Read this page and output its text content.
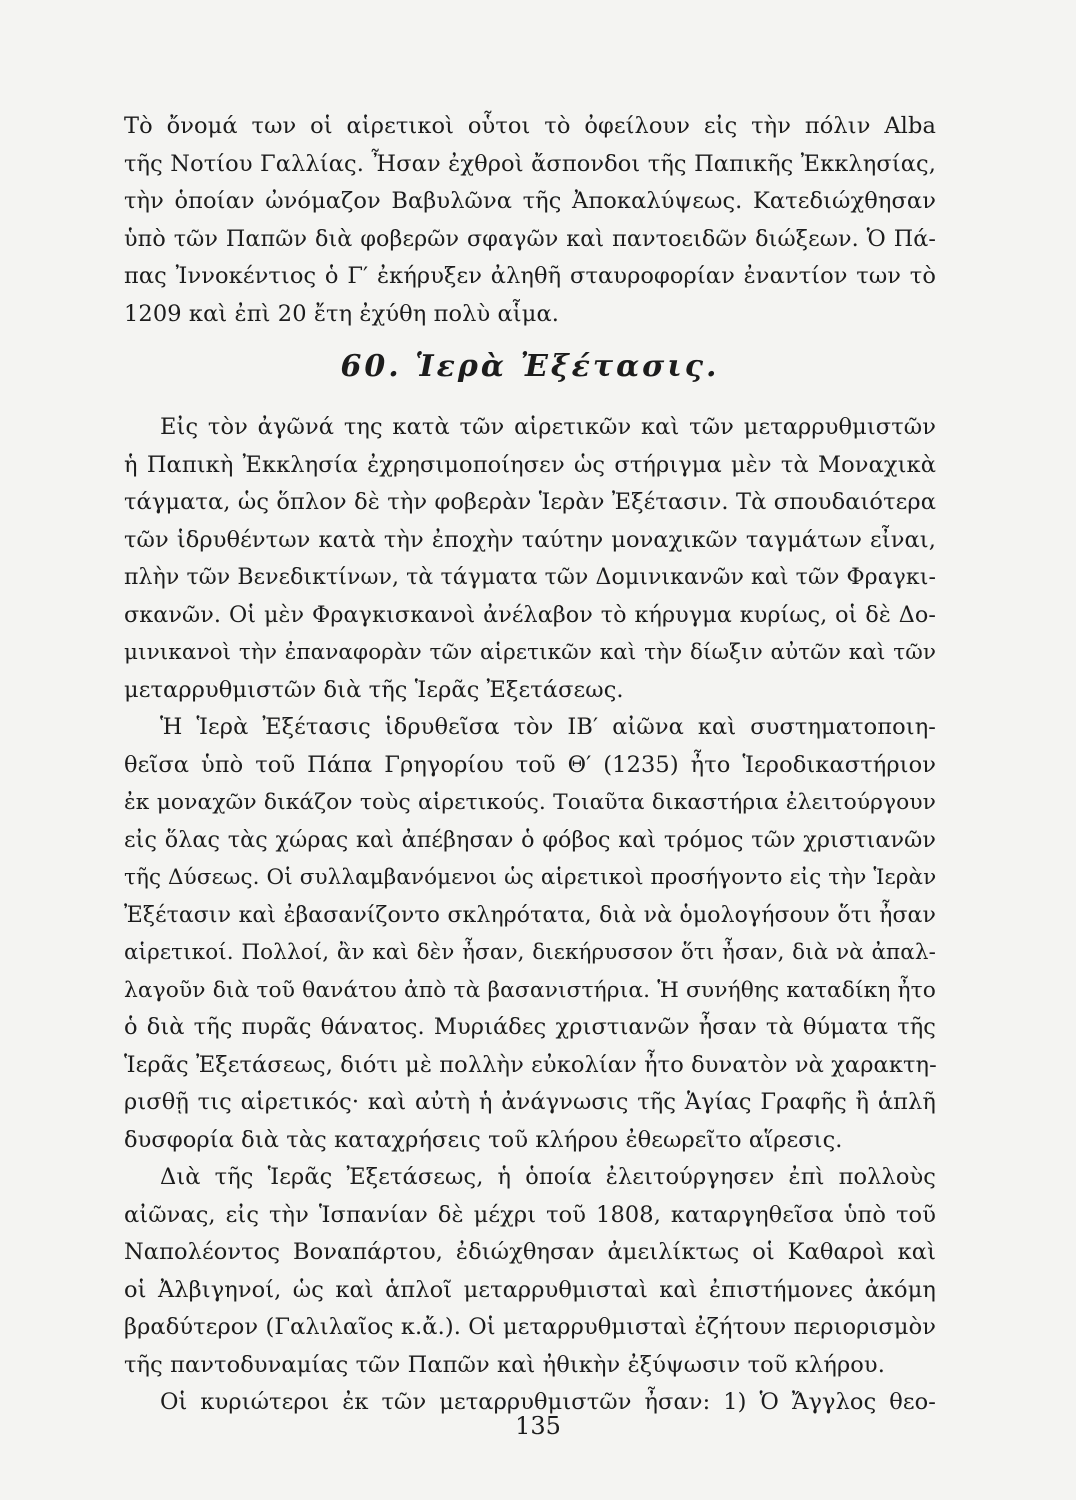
Τὸ ὄνομά των οἱ αἱρετικοὶ οὗτοι τὸ ὀφείλουν εἰς τὴν πόλιν Alba
τῆς Νοτίου Γαλλίας. Ἦσαν ἐχθροὶ ἄσπονδοι τῆς Παπικῆς Ἐκκλησίας,
τὴν ὁποίαν ὠνόμαζον Βαβυλῶνα τῆς Ἀποκαλύψεως. Κατεδιώχθησαν
ὑπὸ τῶν Παπῶν διὰ φοβερῶν σφαγῶν καὶ παντοειδῶν διώξεων. Ὁ Πά-
πας Ἰννοκέντιος ὁ Γ′ ἐκήρυξεν ἀληθῆ σταυροφορίαν ἐναντίον των τὸ
1209 καὶ ἐπὶ 20 ἔτη ἐχύθη πολὺ αἷμα.
60. Ἱερὰ Ἐξέτασις.
Εἰς τὸν ἀγῶνά της κατὰ τῶν αἱρετικῶν καὶ τῶν μεταρρυθμιστῶν
ἡ Παπικὴ Ἐκκλησία ἐχρησιμοποίησεν ὡς στήριγμα μὲν τὰ Μοναχικὰ
τάγματα, ὡς ὅπλον δὲ τὴν φοβερὰν Ἱερὰν Ἐξέτασιν. Τὰ σπουδαιότερα
τῶν ἱδρυθέντων κατὰ τὴν ἐποχὴν ταύτην μοναχικῶν ταγμάτων εἶναι,
πλὴν τῶν Βενεδικτίνων, τὰ τάγματα τῶν Δομινικανῶν καὶ τῶν Φραγκι-
σκανῶν. Οἱ μὲν Φραγκισκανοὶ ἀνέλαβον τὸ κήρυγμα κυρίως, οἱ δὲ Δο-
μινικανοὶ τὴν ἐπαναφορὰν τῶν αἱρετικῶν καὶ τὴν δίωξιν αὐτῶν καὶ τῶν
μεταρρυθμιστῶν διὰ τῆς Ἱερᾶς Ἐξετάσεως.
Ἡ Ἱερὰ Ἐξέτασις ἱδρυθεῖσα τὸν ΙΒ′ αἰῶνα καὶ συστηματοποιη-
θεῖσα ὑπὸ τοῦ Πάπα Γρηγορίου τοῦ Θ′ (1235) ἦτο Ἱεροδικαστήριον
ἐκ μοναχῶν δικάζον τοὺς αἱρετικούς. Τοιαῦτα δικαστήρια ἐλειτούργουν
εἰς ὅλας τὰς χώρας καὶ ἀπέβησαν ὁ φόβος καὶ τρόμος τῶν χριστιανῶν
τῆς Δύσεως. Οἱ συλλαμβανόμενοι ὡς αἱρετικοὶ προσήγοντο εἰς τὴν Ἱερὰν
Ἐξέτασιν καὶ ἐβασανίζοντο σκληρότατα, διὰ νὰ ὁμολογήσουν ὅτι ἦσαν
αἱρετικοί. Πολλοί, ἂν καὶ δὲν ἦσαν, διεκήρυσσον ὅτι ἦσαν, διὰ νὰ ἀπαλ-
λαγοῦν διὰ τοῦ θανάτου ἀπὸ τὰ βασανιστήρια. Ἡ συνήθης καταδίκη ἦτο
ὁ διὰ τῆς πυρᾶς θάνατος. Μυριάδες χριστιανῶν ἦσαν τὰ θύματα τῆς
Ἱερᾶς Ἐξετάσεως, διότι μὲ πολλὴν εὐκολίαν ἦτο δυνατὸν νὰ χαρακτη-
ρισθῇ τις αἱρετικός· καὶ αὐτὴ ἡ ἀνάγνωσις τῆς Ἁγίας Γραφῆς ἢ ἁπλῆ
δυσφορία διὰ τὰς καταχρήσεις τοῦ κλήρου ἐθεωρεῖτο αἵρεσις.
Διὰ τῆς Ἱερᾶς Ἐξετάσεως, ἡ ὁποία ἐλειτούργησεν ἐπὶ πολλοὺς
αἰῶνας, εἰς τὴν Ἱσπανίαν δὲ μέχρι τοῦ 1808, καταργηθεῖσα ὑπὸ τοῦ
Ναπολέοντος Βοναπάρτου, ἐδιώχθησαν ἀμειλίκτως οἱ Καθαροὶ καὶ
οἱ Ἀλβιγηνοί, ὡς καὶ ἁπλοῖ μεταρρυθμισταὶ καὶ ἐπιστήμονες ἀκόμη
βραδύτερον (Γαλιλαῖος κ.ἄ.). Οἱ μεταρρυθμισταὶ ἐζήτουν περιορισμὸν
τῆς παντοδυναμίας τῶν Παπῶν καὶ ἠθικὴν ἐξύψωσιν τοῦ κλήρου.
Οἱ κυριώτεροι ἐκ τῶν μεταρρυθμιστῶν ἦσαν: 1) Ὁ Ἄγγλος θεο-
135
